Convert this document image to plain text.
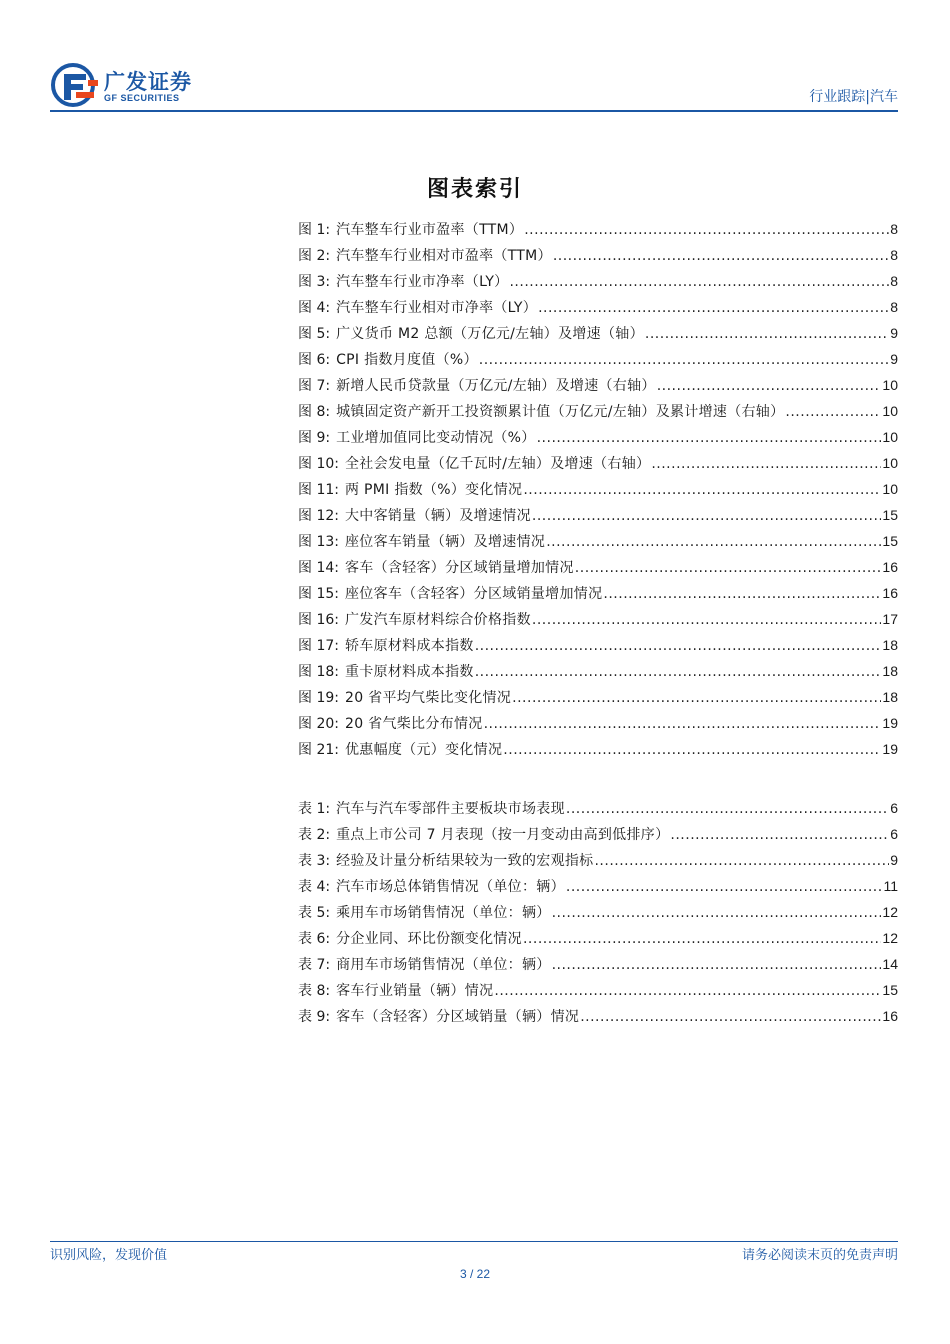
广发证券
GF SECURITIES	行业跟踪|汽车
图表索引
图 1: 汽车整车行业市盈率（TTM） .....	8
图 2: 汽车整车行业相对市盈率（TTM） .....	8
图 3: 汽车整车行业市净率（LY） .....	8
图 4: 汽车整车行业相对市净率（LY） .....	8
图 5: 广义货币 M2 总额（万亿元/左轴）及增速（轴） .....	9
图 6: CPI 指数月度值（%） .....	9
图 7: 新增人民币贷款量（万亿元/左轴）及增速（右轴） .....	10
图 8: 城镇固定资产新开工投资额累计值（万亿元/左轴）及累计增速（右轴） .....	10
图 9: 工业增加值同比变动情况（%） .....	10
图 10: 全社会发电量（亿千瓦时/左轴）及增速（右轴） .....	10
图 11: 两 PMI 指数（%）变化情况 .....	10
图 12: 大中客销量（辆）及增速情况 .....	15
图 13: 座位客车销量（辆）及增速情况 .....	15
图 14: 客车（含轻客）分区域销量增加情况 .....	16
图 15: 座位客车（含轻客）分区域销量增加情况 .....	16
图 16: 广发汽车原材料综合价格指数 .....	17
图 17: 轿车原材料成本指数 .....	18
图 18: 重卡原材料成本指数 .....	18
图 19: 20 省平均气柴比变化情况 .....	18
图 20: 20 省气柴比分布情况 .....	19
图 21: 优惠幅度（元）变化情况 .....	19
表 1: 汽车与汽车零部件主要板块市场表现 .....	6
表 2: 重点上市公司 7 月表现（按一月变动由高到低排序） .....	6
表 3: 经验及计量分析结果较为一致的宏观指标 .....	9
表 4: 汽车市场总体销售情况（单位：辆） .....	11
表 5: 乘用车市场销售情况（单位：辆） .....	12
表 6: 分企业同、环比份额变化情况 .....	12
表 7: 商用车市场销售情况（单位：辆） .....	14
表 8: 客车行业销量（辆）情况 .....	15
表 9: 客车（含轻客）分区域销量（辆）情况 .....	16
识别风险，发现价值	请务必阅读末页的免责声明
3 / 22
